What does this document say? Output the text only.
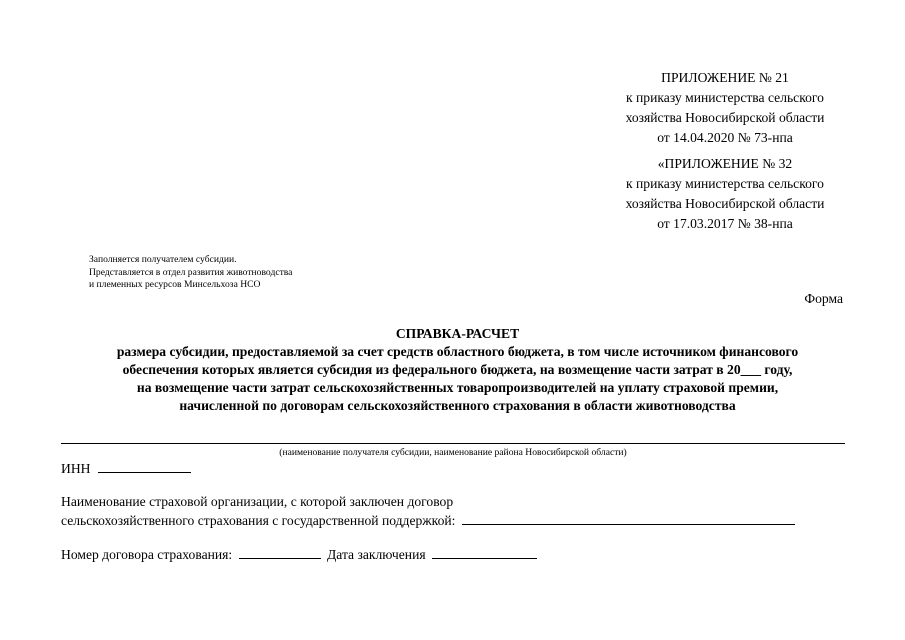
ПРИЛОЖЕНИЕ № 21
к приказу министерства сельского
хозяйства Новосибирской области
от 14.04.2020 № 73-нпа
«ПРИЛОЖЕНИЕ № 32
к приказу министерства сельского
хозяйства Новосибирской области
от 17.03.2017 № 38-нпа
Заполняется получателем субсидии.
Представляется в отдел развития животноводства
и племенных ресурсов Минсельхоза НСО
Форма
СПРАВКА-РАСЧЕТ
размера субсидии, предоставляемой за счет средств областного бюджета, в том числе источником финансового
обеспечения которых является субсидия из федерального бюджета, на возмещение части затрат в 20___ году,
на возмещение части затрат сельскохозяйственных товаропроизводителей на уплату страховой премии,
начисленной по договорам сельскохозяйственного страхования в области животноводства
(наименование получателя субсидии, наименование района Новосибирской области)
ИНН
Наименование страховой организации, с которой заключен договор
сельскохозяйственного страхования с государственной поддержкой:
Номер договора страхования:	Дата заключения
